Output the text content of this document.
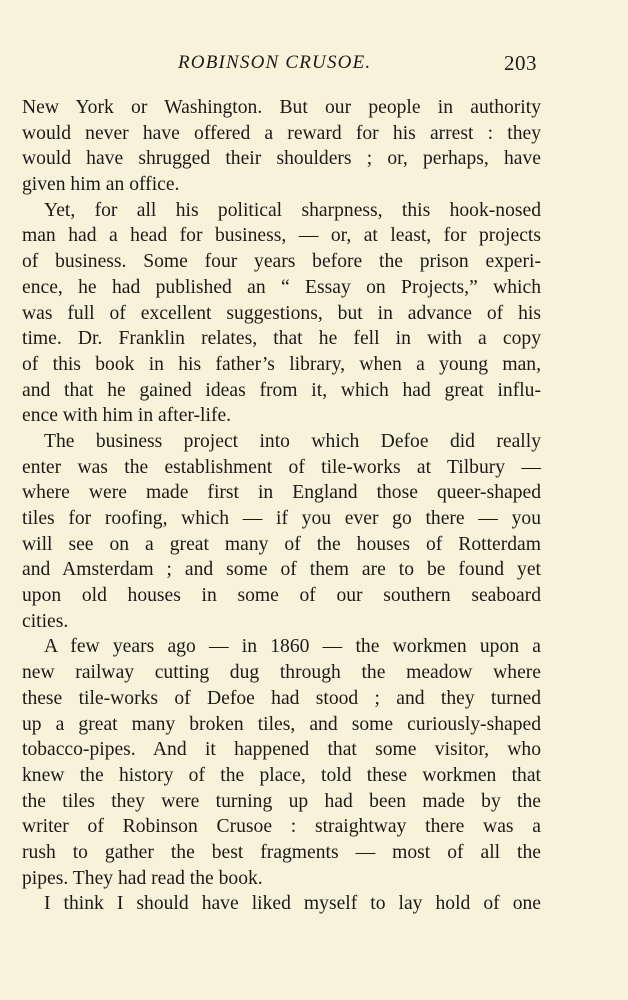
ROBINSON CRUSOE.	203
New York or Washington. But our people in authority
would never have offered a reward for his arrest : they
would have shrugged their shoulders ; or, perhaps, have
given him an office.
Yet, for all his political sharpness, this hook-nosed
man had a head for business, — or, at least, for projects
of business. Some four years before the prison experi-
ence, he had published an “ Essay on Projects,” which
was full of excellent suggestions, but in advance of his
time. Dr. Franklin relates, that he fell in with a copy
of this book in his father’s library, when a young man,
and that he gained ideas from it, which had great influ-
ence with him in after-life.
The business project into which Defoe did really
enter was the establishment of tile-works at Tilbury —
where were made first in England those queer-shaped
tiles for roofing, which — if you ever go there — you
will see on a great many of the houses of Rotterdam
and Amsterdam ; and some of them are to be found yet
upon old houses in some of our southern seaboard
cities.
A few years ago — in 1860 — the workmen upon a
new railway cutting dug through the meadow where
these tile-works of Defoe had stood ; and they turned
up a great many broken tiles, and some curiously-shaped
tobacco-pipes. And it happened that some visitor, who
knew the history of the place, told these workmen that
the tiles they were turning up had been made by the
writer of Robinson Crusoe : straightway there was a
rush to gather the best fragments — most of all the
pipes. They had read the book.
I think I should have liked myself to lay hold of one
